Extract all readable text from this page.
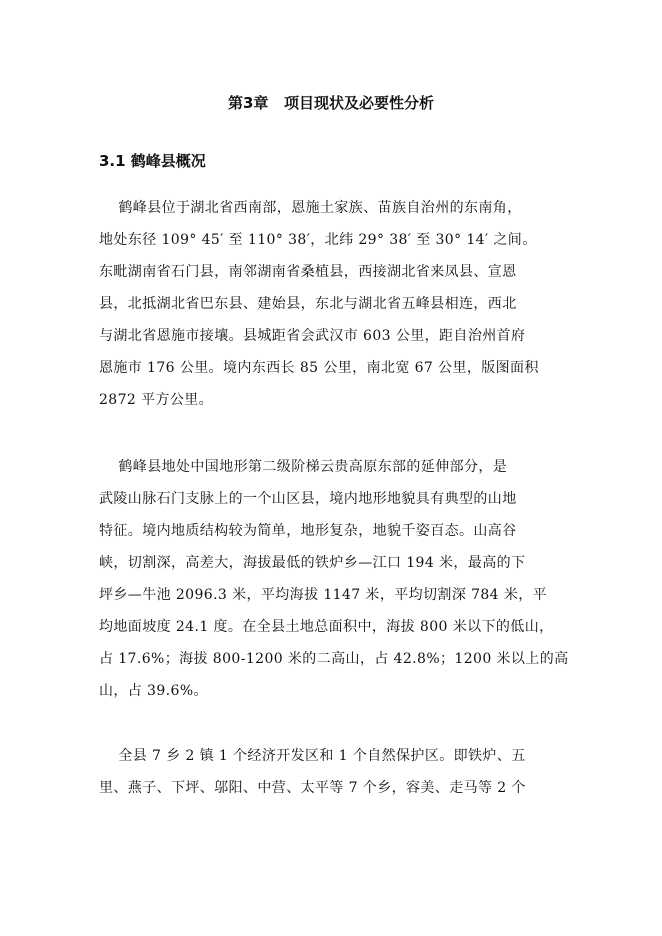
第3章   项目现状及必要性分析
3.1 鹤峰县概况
鹤峰县位于湖北省西南部，恩施土家族、苗族自治州的东南角，
地处东径 109° 45′ 至 110° 38′，北纬 29° 38′ 至 30° 14′ 之间。
东毗湖南省石门县，南邻湖南省桑植县，西接湖北省来凤县、宣恩
县，北抵湖北省巴东县、建始县，东北与湖北省五峰县相连，西北
与湖北省恩施市接壤。县城距省会武汉市 603 公里，距自治州首府
恩施市 176 公里。境内东西长 85 公里，南北宽 67 公里，版图面积
2872 平方公里。
鹤峰县地处中国地形第二级阶梯云贵高原东部的延伸部分，是
武陵山脉石门支脉上的一个山区县，境内地形地貌具有典型的山地
特征。境内地质结构较为简单，地形复杂，地貌千姿百态。山高谷
峡，切割深，高差大，海拔最低的铁炉乡—江口 194 米，最高的下
坪乡—牛池 2096.3 米，平均海拔 1147 米，平均切割深 784 米，平
均地面坡度 24.1 度。在全县土地总面积中，海拔 800 米以下的低山，
占 17.6%；海拔 800-1200 米的二高山，占 42.8%；1200 米以上的高
山，占 39.6%。
全县 7 乡 2 镇 1 个经济开发区和 1 个自然保护区。即铁炉、五
里、燕子、下坪、邬阳、中营、太平等 7 个乡，容美、走马等 2 个
